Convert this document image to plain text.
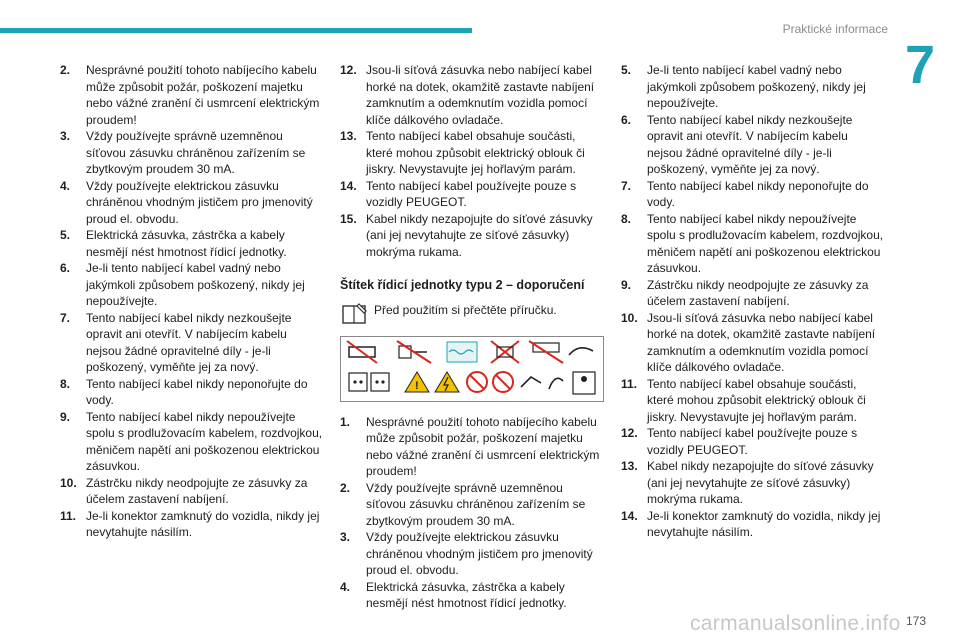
Praktické informace
7
2.	Nesprávné použití tohoto nabíjecího kabelu může způsobit požár, poškození majetku nebo vážné zranění či usmrcení elektrickým proudem!
3.	Vždy používejte správně uzemněnou síťovou zásuvku chráněnou zařízením se zbytkovým proudem 30 mA.
4.	Vždy používejte elektrickou zásuvku chráněnou vhodným jističem pro jmenovitý proud el. obvodu.
5.	Elektrická zásuvka, zástrčka a kabely nesmějí nést hmotnost řídicí jednotky.
6.	Je-li tento nabíjecí kabel vadný nebo jakýmkoli způsobem poškozený, nikdy jej nepoužívejte.
7.	Tento nabíjecí kabel nikdy nezkoušejte opravit ani otevřít. V nabíjecím kabelu nejsou žádné opravitelné díly - je-li poškozený, vyměňte jej za nový.
8.	Tento nabíjecí kabel nikdy neponořujte do vody.
9.	Tento nabíjecí kabel nikdy nepoužívejte spolu s prodlužovacím kabelem, rozdvojkou, měničem napětí ani poškozenou elektrickou zásuvkou.
10. Zástrčku nikdy neodpojujte ze zásuvky za účelem zastavení nabíjení.
11. Je-li konektor zamknutý do vozidla, nikdy jej nevytahujte násilím.
12. Jsou-li síťová zásuvka nebo nabíjecí kabel horké na dotek, okamžitě zastavte nabíjení zamknutím a odemknutím vozidla pomocí klíče dálkového ovladače.
13. Tento nabíjecí kabel obsahuje součásti, které mohou způsobit elektrický oblouk či jiskry. Nevystavujte jej hořlavým parám.
14. Tento nabíjecí kabel používejte pouze s vozidly PEUGEOT.
15. Kabel nikdy nezapojujte do síťové zásuvky (ani jej nevytahujte ze síťové zásuvky) mokrýma rukama.
Štítek řídicí jednotky typu 2 – doporučení
Před použitím si přečtěte příručku.
!
1.	Nesprávné použití tohoto nabíjecího kabelu může způsobit požár, poškození majetku nebo vážné zranění či usmrcení elektrickým proudem!
2.	Vždy používejte správně uzemněnou síťovou zásuvku chráněnou zařízením se zbytkovým proudem 30 mA.
3.	Vždy používejte elektrickou zásuvku chráněnou vhodným jističem pro jmenovitý proud el. obvodu.
4.	Elektrická zásuvka, zástrčka a kabely nesmějí nést hmotnost řídicí jednotky.
5.	Je-li tento nabíjecí kabel vadný nebo jakýmkoli způsobem poškozený, nikdy jej nepoužívejte.
6.	Tento nabíjecí kabel nikdy nezkoušejte opravit ani otevřít. V nabíjecím kabelu nejsou žádné opravitelné díly - je-li poškozený, vyměňte jej za nový.
7.	Tento nabíjecí kabel nikdy neponořujte do vody.
8.	Tento nabíjecí kabel nikdy nepoužívejte spolu s prodlužovacím kabelem, rozdvojkou, měničem napětí ani poškozenou elektrickou zásuvkou.
9.	Zástrčku nikdy neodpojujte ze zásuvky za účelem zastavení nabíjení.
10. Jsou-li síťová zásuvka nebo nabíjecí kabel horké na dotek, okamžitě zastavte nabíjení zamknutím a odemknutím vozidla pomocí klíče dálkového ovladače.
11. Tento nabíjecí kabel obsahuje součásti, které mohou způsobit elektrický oblouk či jiskry. Nevystavujte jej hořlavým parám.
12. Tento nabíjecí kabel používejte pouze s vozidly PEUGEOT.
13. Kabel nikdy nezapojujte do síťové zásuvky (ani jej nevytahujte ze síťové zásuvky) mokrýma rukama.
14. Je-li konektor zamknutý do vozidla, nikdy jej nevytahujte násilím.
carmanualsonline.info 173
